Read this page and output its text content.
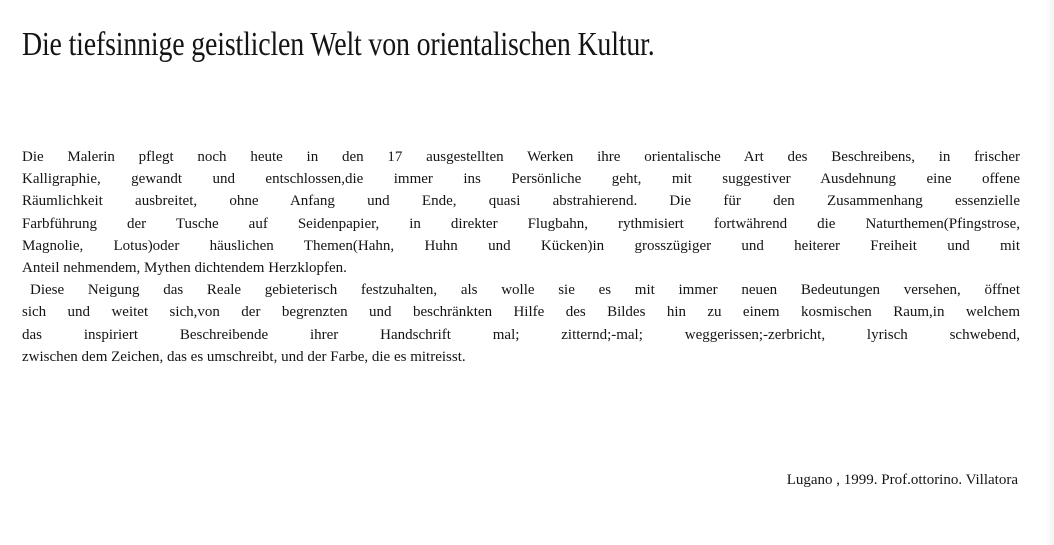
Die tiefsinnige geistliclen Welt von orientalischen Kultur.
Die Malerin pflegt noch heute in den 17 ausgestellten Werken ihre orientalische Art des Beschreibens, in frischer
Kalligraphie, gewandt und entschlossen,die immer ins Persönliche geht, mit suggestiver Ausdehnung eine offene
Räumlichkeit ausbreitet, ohne Anfang und Ende, quasi abstrahierend. Die für den Zusammenhang essenzielle
Farbführung der Tusche auf Seidenpapier, in direkter Flugbahn, rythmisiert fortwährend die Naturthemen(Pfingstrose,
Magnolie, Lotus)oder häuslichen Themen(Hahn, Huhn und Kücken)in grosszügiger und heiterer Freiheit und mit
Anteil nehmendem, Mythen dichtendem Herzklopfen.
Diese Neigung das Reale gebieterisch festzuhalten, als wolle sie es mit immer neuen Bedeutungen versehen, öffnet
sich und weitet sich,von der begrenzten und beschränkten Hilfe des Bildes hin zu einem kosmischen Raum,in welchem
das inspiriert Beschreibende ihrer Handschrift mal; zitternd;-mal; weggerissen;-zerbricht, lyrisch schwebend,
zwischen dem Zeichen, das es umschreibt, und der Farbe, die es mitreisst.
Lugano , 1999. Prof.ottorino. Villatora
